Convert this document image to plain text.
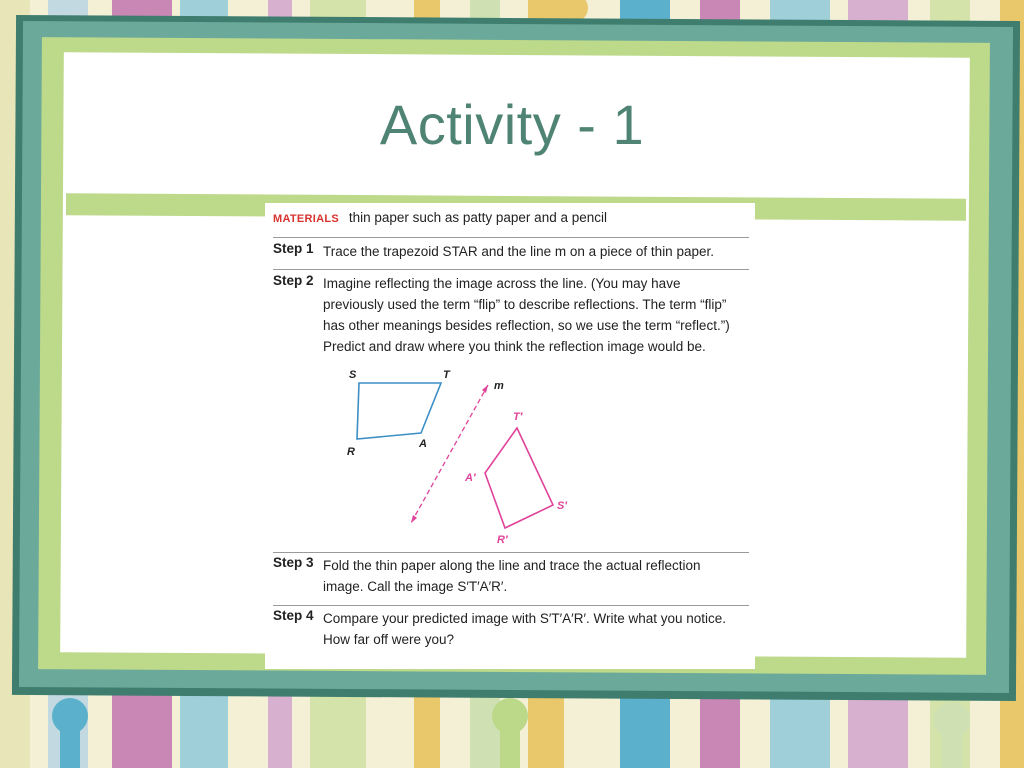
Activity - 1
MATERIALS thin paper such as patty paper and a pencil
Step 1 Trace the trapezoid STAR and the line m on a piece of thin paper.
Step 2 Imagine reflecting the image across the line. (You may have
previously used the term “flip” to describe reflections. The term “flip”
has other meanings besides reflection, so we use the term “reflect.”)
Predict and draw where you think the reflection image would be.
S	T
A
R
m
T′
S′
R′
A′
Step 3 Fold the thin paper along the line and trace the actual reflection
image. Call the image S′T′A′R′.
Step 4 Compare your predicted image with S′T′A′R′. Write what you notice.
How far off were you?
